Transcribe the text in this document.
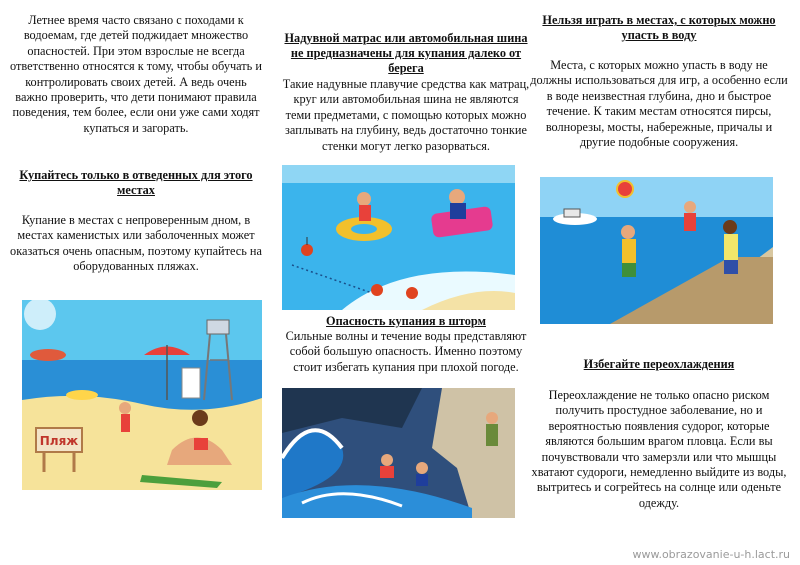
Летнее время часто связано с походами к водоемам, где детей поджидает множество опасностей. При этом взрослые не всегда ответственно относятся к тому, чтобы обучать и контролировать своих детей. А ведь очень важно проверить, что дети понимают правила поведения, тем более, если они уже сами ходят купаться и загорать.
Купайтесь только в отведенных для этого местах
Купание в местах с непроверенным дном, в местах каменистых или заболоченных может оказаться очень опасным, поэтому купайтесь на оборудованных пляжах.
Пляж
Надувной матрас или автомобильная шина не предназначены для купания далеко от берега
Такие надувные плавучие средства как матрац, круг или автомобильная шина не являются теми предметами, с помощью которых можно заплывать на глубину, ведь достаточно тонкие стенки могут легко разорваться.
Опасность купания в шторм
Сильные волны и течение воды представляют собой большую опасность. Именно поэтому стоит избегать купания при плохой погоде.
Нельзя играть в местах, с которых можно упасть в воду
Места, с которых можно упасть в воду не должны использоваться для игр, а особенно если в воде неизвестная глубина, дно и быстрое течение. К таким местам относятся пирсы, волнорезы, мосты, набережные, причалы и другие подобные сооружения.
Избегайте переохлаждения
Переохлаждение не только опасно риском получить простудное заболевание, но и вероятностью появления судорог, которые являются большим врагом пловца. Если вы почувствовали что замерзли или что мышцы хватают судороги, немедленно выйдите из воды, вытритесь и согрейтесь на солнце или оденьте одежду.
www.obrazovanie-u-h.lact.ru
